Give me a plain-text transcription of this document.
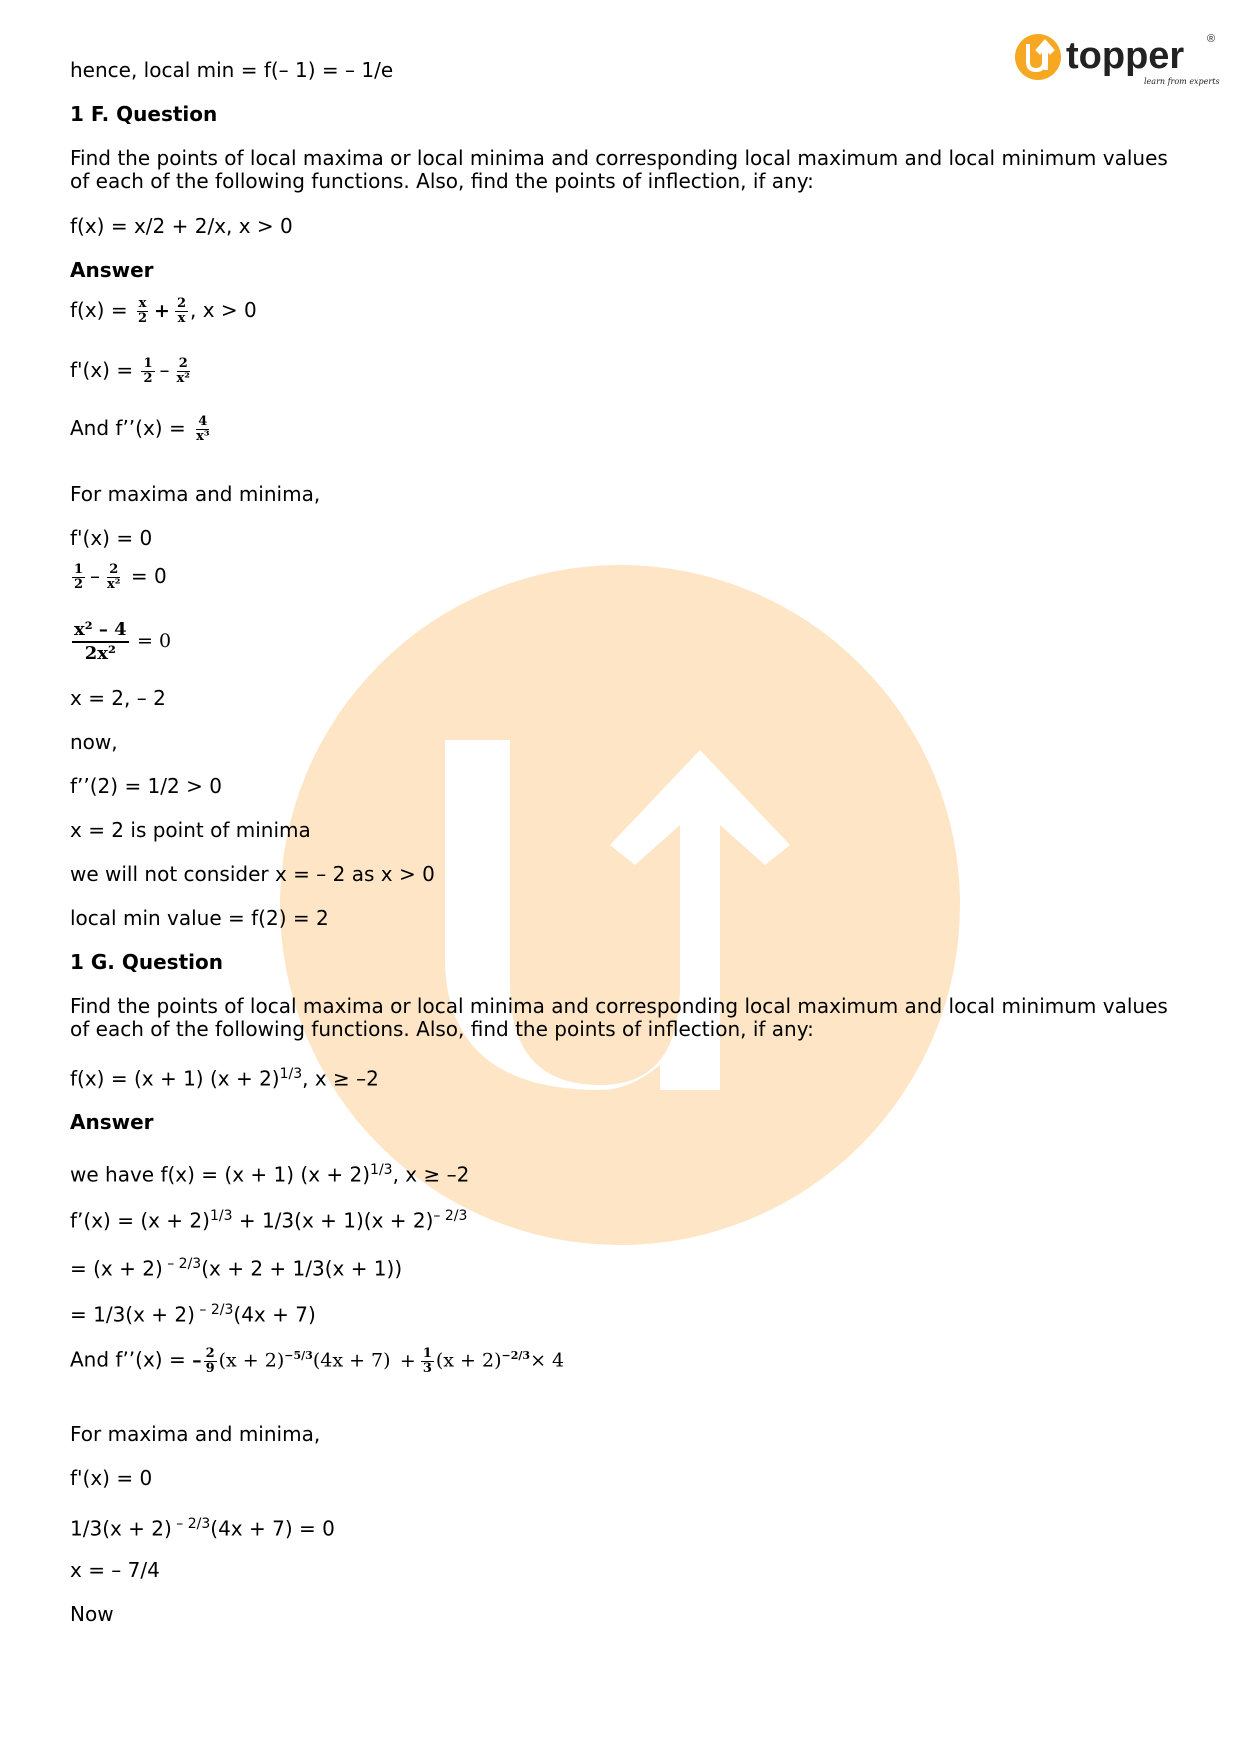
topper ®
learn from experts
hence, local min = f(– 1) = – 1/e
1 F. Question
Find the points of local maxima or local minima and corresponding local maximum and local minimum values of each of the following functions. Also, find the points of inflection, if any:
f(x) = x/2 + 2/x, x > 0
Answer
$f(x) = \frac{x}{2} + \frac{2}{x}$ , x > 0
$f'(x) = \frac{1}{2} - \frac{2}{\text{x²}}$
And f’’(x) = $\frac{4}{\text{x³}}$
For maxima and minima,
f'(x) = 0
$\frac{1}{2} - \frac{2}{\text{x²}} = 0$
$\frac{\text{x² – 4}}{\text{2x²}} = 0$
x = 2, – 2
now,
f’’(2) = 1/2 > 0
x = 2 is point of minima
we will not consider x = – 2 as x > 0
local min value = f(2) = 2
1 G. Question
Find the points of local maxima or local minima and corresponding local maximum and local minimum values of each of the following functions. Also, find the points of inflection, if any:
f(x) = (x + 1) $(x + 2)^{1/3}$, x ≥ –2
Answer
we have f(x) = (x + 1) $(x + 2)^{1/3}$, x ≥ –2
f’(x) = $(x + 2)^{1/3} + 1/3(x + 1)(x + 2)^{- 2/3}$
= (x + 2) $^{- 2/3}$(x + 2 + 1/3(x + 1))
= 1/3(x + 2) $^{- 2/3}$(4x + 7)
And f’’(x) = – $\frac{2}{9} (x + 2)^{-5/3}(4x + 7) + \frac{1}{3} (x + 2)^{-2/3}\times 4$
For maxima and minima,
f'(x) = 0
1/3(x + 2) $^{- 2/3}$(4x + 7) = 0
x = – 7/4
Now
